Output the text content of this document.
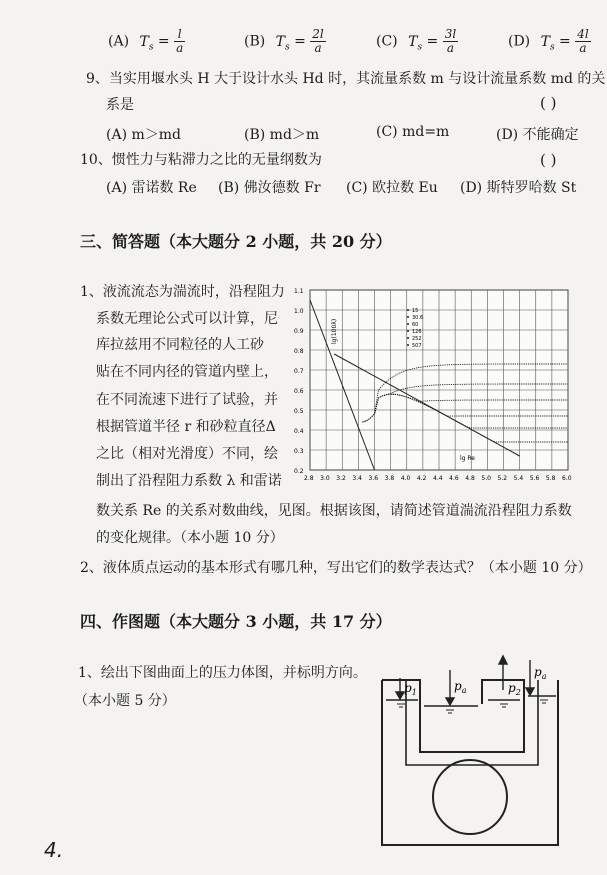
(A) $T_s = \frac{l}{a}$	(B) $T_s = \frac{2l}{a}$	(C) $T_s = \frac{3l}{a}$	(D) $T_s = \frac{4l}{a}$
9、当实用堰水头 H 大于设计水头 Hd 时，其流量系数 m 与设计流量系数 md 的关
系是	( )
(A) m＞md	(B) md＞m	(C) md=m	(D) 不能确定
10、惯性力与粘滞力之比的无量纲数为	( )
(A) 雷诺数 Re (B) 佛汝德数 Fr (C) 欧拉数 Eu (D) 斯特罗哈数 St
三、简答题（本大题分 2 小题，共 20 分）
1、液流流态为湍流时，沿程阻力
系数无理论公式可以计算，尼
库拉兹用不同粒径的人工砂
贴在不同内径的管道内壁上，
在不同流速下进行了试验，并
根据管道半径 r 和砂粒直径Δ
之比（相对光滑度）不同，绘
制出了沿程阻力系数 λ 和雷诺
数关系 Re 的关系对数曲线，见图。根据该图，请简述管道湍流沿程阻力系数
的变化规律。（本小题 10 分）
1.1
1.0
0.9
0.8
0.7
0.6
0.5
0.4
0.3
0.2
2.8 3.0 3.2 3.4 3.6 3.8 4.0 4.2 4.4 4.6 4.8 5.0 5.2 5.4 5.6 5.8 6.0
15
30.6
60
126
252
507
lg(100λ)
lg Re
2、液体质点运动的基本形式有哪几种，写出它们的数学表达式？（本小题 10 分）
四、作图题（本大题分 3 小题，共 17 分）
1、绘出下图曲面上的压力体图，并标明方向。
（本小题 5 分）
$p_1$	$p_a$	$p_2$
$p_a$
4.
